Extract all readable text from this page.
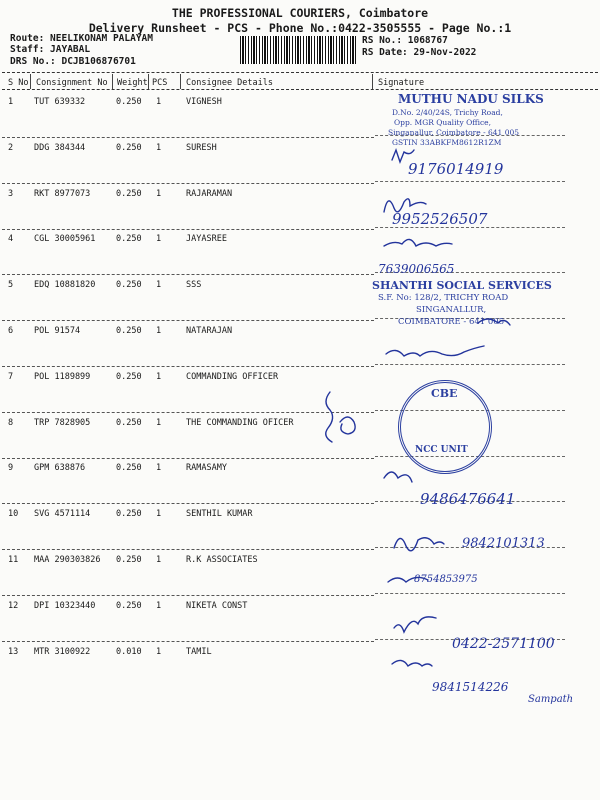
THE PROFESSIONAL COURIERS, Coimbatore
Delivery Runsheet - PCS - Phone No.:0422-3505555 - Page No.:1
Route: NEELIKONAM PALAYAM
Staff: JAYABAL
DRS No.: DCJB106876701
RS No.: 1068767
RS Date: 29-Nov-2022
S No Consignment No Weight PCS Consignee Details	Signature
1 TUT 639332	0.250 1	VIGNESH
2 DDG 384344	0.250 1	SURESH
3 RKT 8977073	0.250 1	RAJARAMAN
4 CGL 30005961 0.250 1	JAYASREE
5 EDQ 10881820 0.250 1	SSS
6 POL 91574	0.250 1	NATARAJAN
7 POL 1189899	0.250 1	COMMANDING OFFICER
8 TRP 7828905	0.250 1	THE COMMANDING OFICER
9 GPM 638876	0.250 1	RAMASAMY
10 SVG 4571114	0.250 1	SENTHIL KUMAR
11 MAA 290303826 0.250 1	R.K ASSOCIATES
12 DPI 10323440 0.250 1	NIKETA CONST
13 MTR 3100922	0.010 1	TAMIL
MUTHU NADU SILKS
D.No. 2/40/24S, Trichy Road,
Opp. MGR Quality Office,
Singanallur, Coimbatore - 641 005
GSTIN 33ABKFM8612R1ZM
9176014919
9952526507
7639006565
SHANTHI SOCIAL SERVICES
S.F. No: 128/2, TRICHY ROAD
SINGANALLUR,
COIMBATORE - 641 005
CBE
NCC UNIT
9486476641
9842101313
8754853975
0422-2571100
9841514226
Sampath
